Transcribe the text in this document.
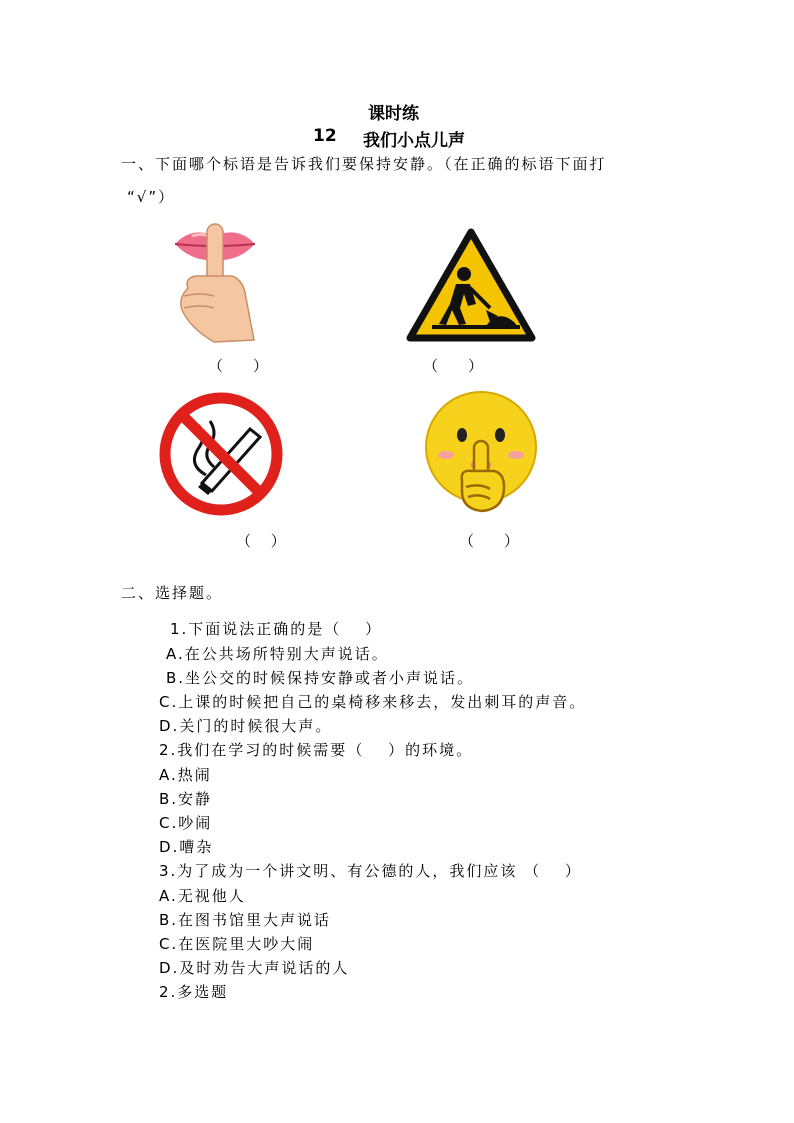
课时练
12 我们小点儿声
一、下面哪个标语是告诉我们要保持安静。（在正确的标语下面打
“√”）
（　　）	（　　）
（　 ）	（　　）
二、选择题。
1.下面说法正确的是（　 ）
A.在公共场所特别大声说话。
B.坐公交的时候保持安静或者小声说话。
C.上课的时候把自己的桌椅移来移去，发出刺耳的声音。
D.关门的时候很大声。
2.我们在学习的时候需要（　 ）的环境。
A.热闹
B.安静
C.吵闹
D.嘈杂
3.为了成为一个讲文明、有公德的人，我们应该 （　 ）
A.无视他人
B.在图书馆里大声说话
C.在医院里大吵大闹
D.及时劝告大声说话的人
2.多选题
